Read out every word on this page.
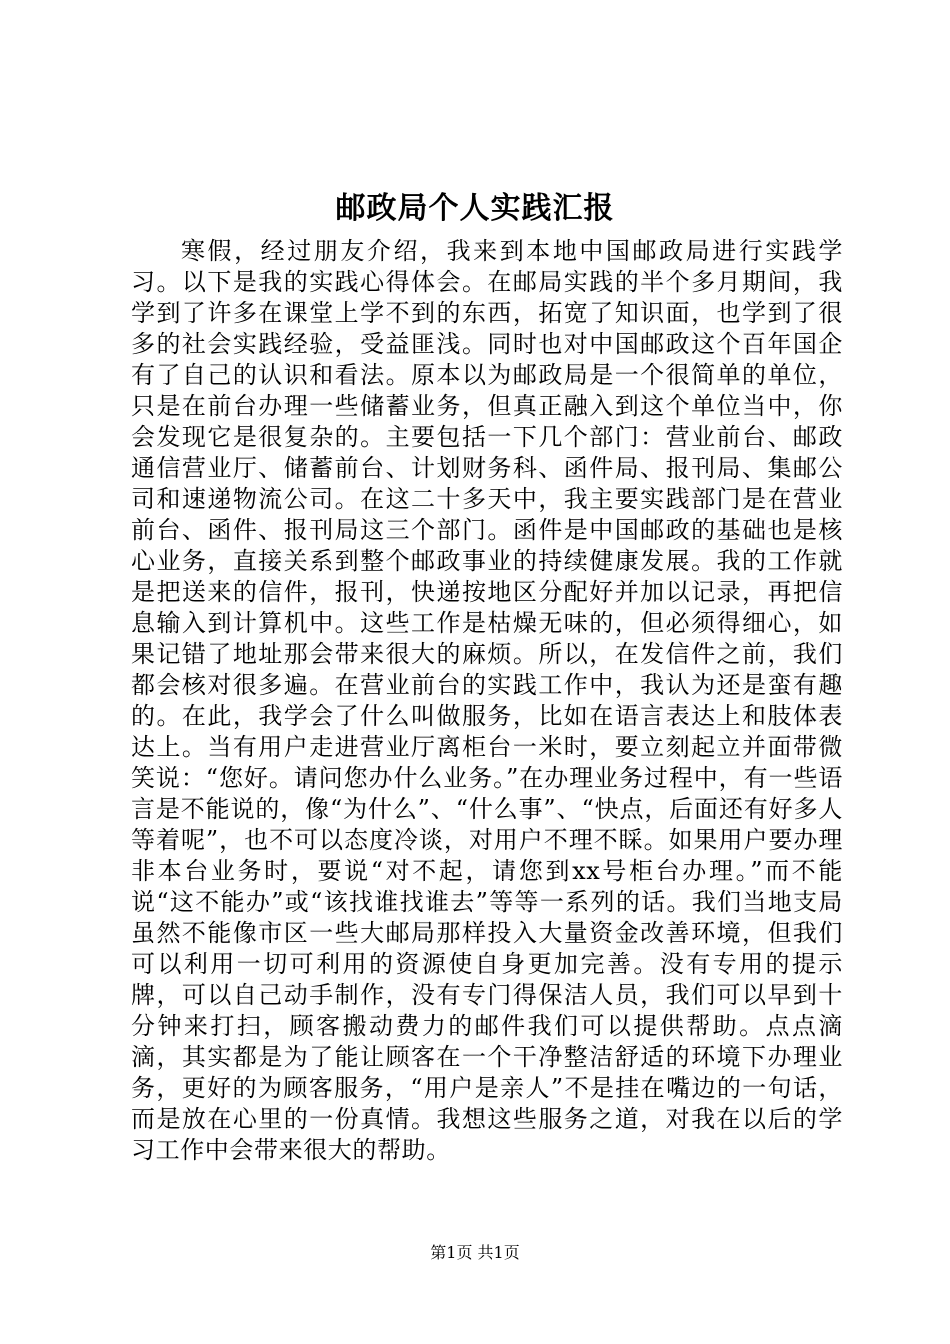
邮政局个人实践汇报

寒假，经过朋友介绍，我来到本地中国邮政局进行实践学习。以下是我的实践心得体会。在邮局实践的半个多月期间，我学到了许多在课堂上学不到的东西，拓宽了知识面，也学到了很多的社会实践经验，受益匪浅。同时也对中国邮政这个百年国企有了自己的认识和看法。原本以为邮政局是一个很简单的单位，只是在前台办理一些储蓄业务，但真正融入到这个单位当中，你会发现它是很复杂的。主要包括一下几个部门：营业前台、邮政通信营业厅、储蓄前台、计划财务科、函件局、报刊局、集邮公司和速递物流公司。在这二十多天中，我主要实践部门是在营业前台、函件、报刊局这三个部门。函件是中国邮政的基础也是核心业务，直接关系到整个邮政事业的持续健康发展。我的工作就是把送来的信件，报刊，快递按地区分配好并加以记录，再把信息输入到计算机中。这些工作是枯燥无味的，但必须得细心，如果记错了地址那会带来很大的麻烦。所以，在发信件之前，我们都会核对很多遍。在营业前台的实践工作中，我认为还是蛮有趣的。在此，我学会了什么叫做服务，比如在语言表达上和肢体表达上。当有用户走进营业厅离柜台一米时，要立刻起立并面带微笑说：“您好。请问您办什么业务。”在办理业务过程中，有一些语言是不能说的，像“为什么”、“什么事”、“快点，后面还有好多人等着呢”，也不可以态度冷谈，对用户不理不睬。如果用户要办理非本台业务时，要说“对不起，请您到xx号柜台办理。”而不能说“这不能办”或“该找谁找谁去”等等一系列的话。我们当地支局虽然不能像市区一些大邮局那样投入大量资金改善环境，但我们可以利用一切可利用的资源使自身更加完善。没有专用的提示牌，可以自己动手制作，没有专门得保洁人员，我们可以早到十分钟来打扫，顾客搬动费力的邮件我们可以提供帮助。点点滴滴，其实都是为了能让顾客在一个干净整洁舒适的环境下办理业务，更好的为顾客服务，“用户是亲人”不是挂在嘴边的一句话，而是放在心里的一份真情。我想这些服务之道，对我在以后的学习工作中会带来很大的帮助。

第1页 共1页
